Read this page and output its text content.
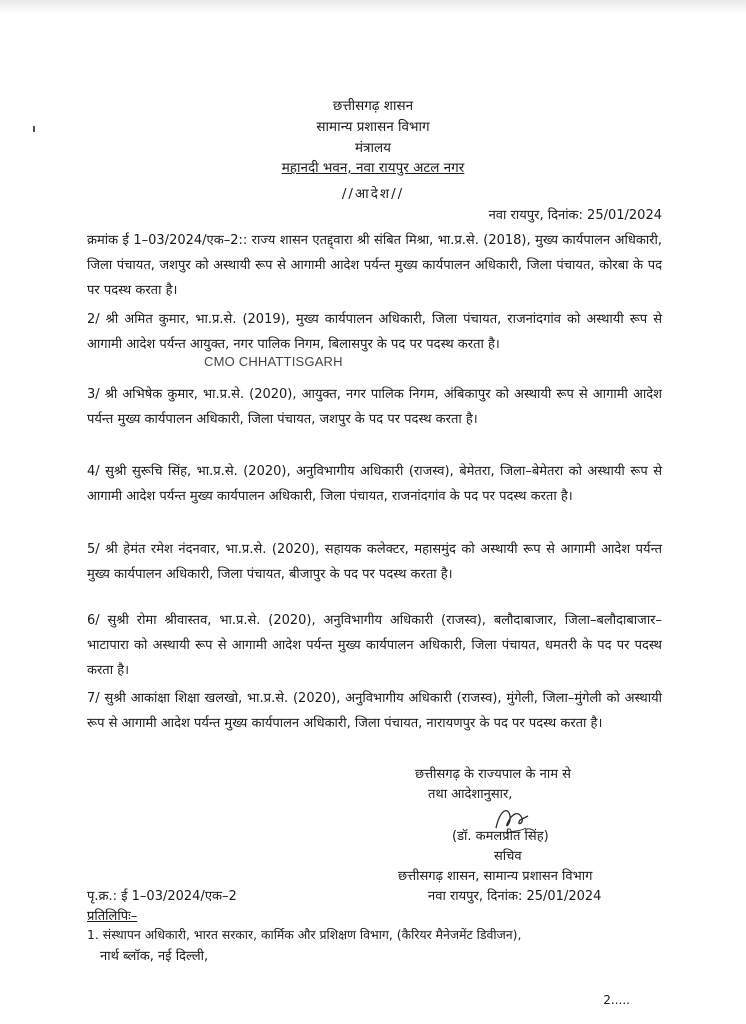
छत्तीसगढ़ शासन
सामान्य प्रशासन विभाग
मंत्रालय
महानदी भवन, नवा रायपुर अटल नगर
//आदेश//
नवा रायपुर, दिनांक: 25/01/2024
क्रमांक ई 1–03/2024/एक–2:: राज्य शासन एतद्द्वारा श्री संबित मिश्रा, भा.प्र.से. (2018), मुख्य कार्यपालन अधिकारी, जिला पंचायत, जशपुर को अस्थायी रूप से आगामी आदेश पर्यन्त मुख्य कार्यपालन अधिकारी, जिला पंचायत, कोरबा के पद पर पदस्थ करता है।
2/ श्री अमित कुमार, भा.प्र.से. (2019), मुख्य कार्यपालन अधिकारी, जिला पंचायत, राजनांदगांव को अस्थायी रूप से आगामी आदेश पर्यन्त आयुक्त, नगर पालिक निगम, बिलासपुर के पद पर पदस्थ करता है।
3/ श्री अभिषेक कुमार, भा.प्र.से. (2020), आयुक्त, नगर पालिक निगम, अंबिकापुर को अस्थायी रूप से आगामी आदेश पर्यन्त मुख्य कार्यपालन अधिकारी, जिला पंचायत, जशपुर के पद पर पदस्थ करता है।
4/ सुश्री सुरूचि सिंह, भा.प्र.से. (2020), अनुविभागीय अधिकारी (राजस्व), बेमेतरा, जिला–बेमेतरा को अस्थायी रूप से आगामी आदेश पर्यन्त मुख्य कार्यपालन अधिकारी, जिला पंचायत, राजनांदगांव के पद पर पदस्थ करता है।
5/ श्री हेमंत रमेश नंदनवार, भा.प्र.से. (2020), सहायक कलेक्टर, महासमुंद को अस्थायी रूप से आगामी आदेश पर्यन्त मुख्य कार्यपालन अधिकारी, जिला पंचायत, बीजापुर के पद पर पदस्थ करता है।
6/ सुश्री रोमा श्रीवास्तव, भा.प्र.से. (2020), अनुविभागीय अधिकारी (राजस्व), बलौदाबाजार, जिला–बलौदाबाजार–भाटापारा को अस्थायी रूप से आगामी आदेश पर्यन्त मुख्य कार्यपालन अधिकारी, जिला पंचायत, धमतरी के पद पर पदस्थ करता है।
7/ सुश्री आकांक्षा शिक्षा खलखो, भा.प्र.से. (2020), अनुविभागीय अधिकारी (राजस्व), मुंगेली, जिला–मुंगेली को अस्थायी रूप से आगामी आदेश पर्यन्त मुख्य कार्यपालन अधिकारी, जिला पंचायत, नारायणपुर के पद पर पदस्थ करता है।
CMO CHHATTISGARH
छत्तीसगढ़ के राज्यपाल के नाम से
तथा आदेशानुसार,
(डॉ. कमलप्रीत सिंह)
सचिव
छत्तीसगढ़ शासन, सामान्य प्रशासन विभाग
नवा रायपुर, दिनांक: 25/01/2024
पृ.क्र.: ई 1–03/2024/एक–2
प्रतिलिपिः–
1. संस्थापन अधिकारी, भारत सरकार, कार्मिक और प्रशिक्षण विभाग, (कैरियर मैनेजमेंट डिवीजन),
नार्थ ब्लॉक, नई दिल्ली,
2.....
